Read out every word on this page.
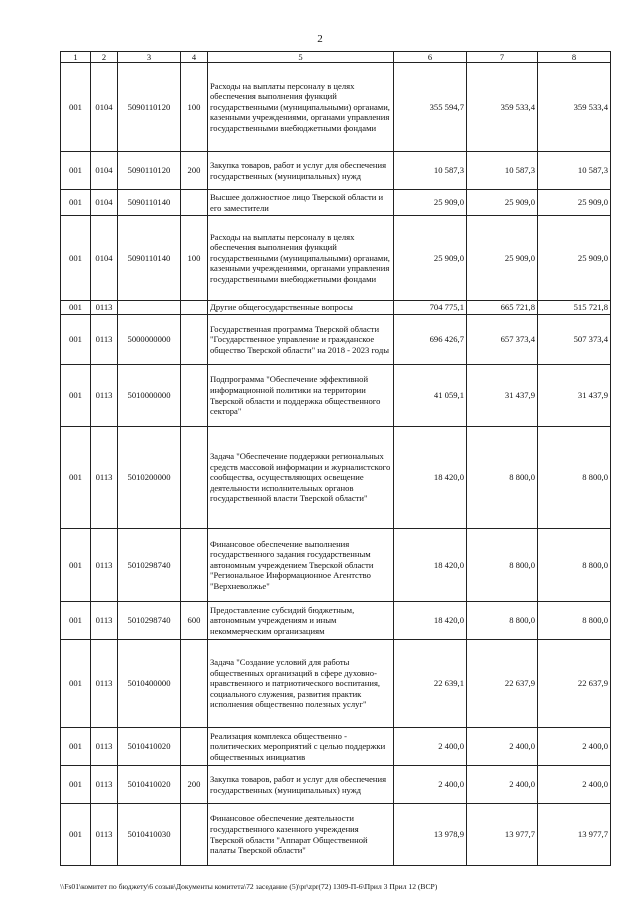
2
1	2	3	4	5	6	7	8
001	0104	5090110120	100	Расходы на выплаты персоналу в целях обеспечения выполнения функций государственными (муниципальными) органами, казенными учреждениями, органами управления государственными внебюджетными фондами	355 594,7	359 533,4	359 533,4
001	0104	5090110120	200	Закупка товаров, работ и услуг для обеспечения государственных (муниципальных) нужд	10 587,3	10 587,3	10 587,3
001	0104	5090110140		Высшее должностное лицо Тверской области и его заместители	25 909,0	25 909,0	25 909,0
001	0104	5090110140	100	Расходы на выплаты персоналу в целях обеспечения выполнения функций государственными (муниципальными) органами, казенными учреждениями, органами управления государственными внебюджетными фондами	25 909,0	25 909,0	25 909,0
001	0113			Другие общегосударственные вопросы	704 775,1	665 721,8	515 721,8
001	0113	5000000000		Государственная программа Тверской области "Государственное управление и гражданское общество Тверской области" на 2018 - 2023 годы	696 426,7	657 373,4	507 373,4
001	0113	5010000000		Подпрограмма "Обеспечение эффективной информационной политики на территории Тверской области и поддержка общественного сектора"	41 059,1	31 437,9	31 437,9
001	0113	5010200000		Задача "Обеспечение поддержки региональных средств массовой информации и журналистского сообщества, осуществляющих освещение деятельности исполнительных органов государственной власти Тверской области"	18 420,0	8 800,0	8 800,0
001	0113	5010298740		Финансовое обеспечение выполнения государственного задания государственным автономным учреждением Тверской области "Региональное Информационное Агентство "Верхневолжье"	18 420,0	8 800,0	8 800,0
001	0113	5010298740	600	Предоставление субсидий бюджетным, автономным учреждениям и иным некоммерческим организациям	18 420,0	8 800,0	8 800,0
001	0113	5010400000		Задача "Создание условий для работы общественных организаций в сфере духовно-нравственного и патриотического воспитания, социального служения, развития практик исполнения общественно полезных услуг"	22 639,1	22 637,9	22 637,9
001	0113	5010410020		Реализация комплекса общественно - политических мероприятий с целью поддержки общественных инициатив	2 400,0	2 400,0	2 400,0
001	0113	5010410020	200	Закупка товаров, работ и услуг для обеспечения государственных (муниципальных) нужд	2 400,0	2 400,0	2 400,0
001	0113	5010410030		Финансовое обеспечение деятельности государственного казенного учреждения Тверской области "Аппарат Общественной палаты Тверской области"	13 978,9	13 977,7	13 977,7
\\Fs01\комитет по бюджету\6 созыв\Документы комитета\72 заседание (5)\pr\zpr(72) 1309-П-6\Прил 3 Прил 12 (ВСР)
